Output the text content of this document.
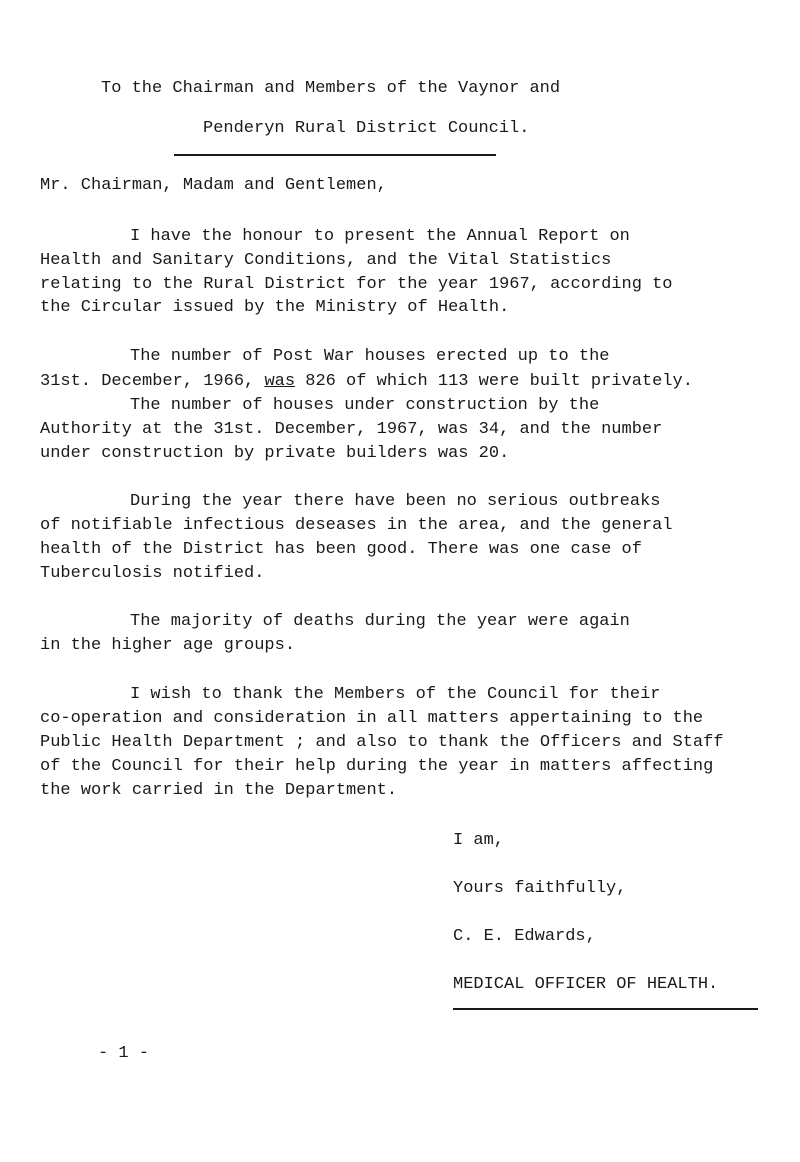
To the Chairman and Members of the Vaynor and
Penderyn Rural District Council.
Mr. Chairman, Madam and Gentlemen,
I have the honour to present the Annual Report on
Health and Sanitary Conditions, and the Vital Statistics
relating to the Rural District for the year 1967, according to
the Circular issued by the Ministry of Health.
The number of Post War houses erected up to the
31st. December, 1966, was 826 of which 113 were built privately.
The number of houses under construction by the
Authority at the 31st. December, 1967, was 34, and the number
under construction by private builders was 20.
During the year there have been no serious outbreaks
of notifiable infectious deseases in the area, and the general
health of the District has been good. There was one case of
Tuberculosis notified.
The majority of deaths during the year were again
in the higher age groups.
I wish to thank the Members of the Council for their
co-operation and consideration in all matters appertaining to the
Public Health Department ; and also to thank the Officers and Staff
of the Council for their help during the year in matters affecting
the work carried in the Department.
I am,
Yours faithfully,
C. E. Edwards,
MEDICAL OFFICER OF HEALTH.
- 1 -
